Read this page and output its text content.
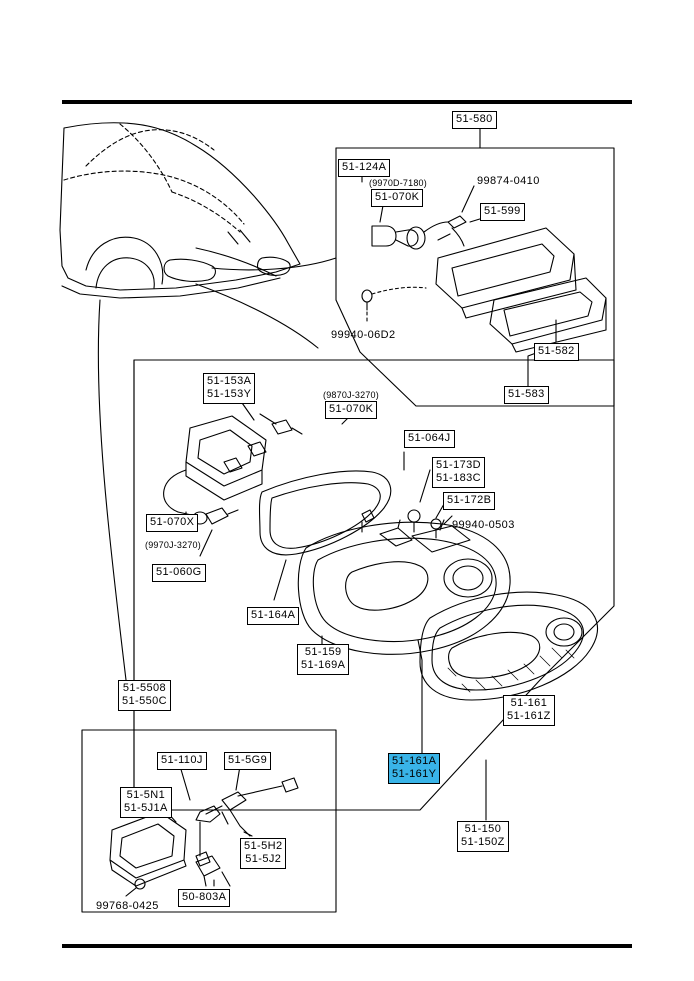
51-580
51-124A
51-070K
51-599
51-582
51-583
51-153A
51-153Y
51-070K
51-064J
51-173D
51-183C
51-172B
51-070X
51-060G
51-164A
51-159
51-169A
51-161
51-161Z
51-5508
51-550C
51-161A
51-161Y
51-150
51-150Z
51-110J 51-5G9
51-5N1
51-5J1A
51-5H2
51-5J2
50-803A
99874-0410
(9970D-7180)
99940-06D2
(9870J-3270)
99940-0503
(9970J-3270)
99768-0425
